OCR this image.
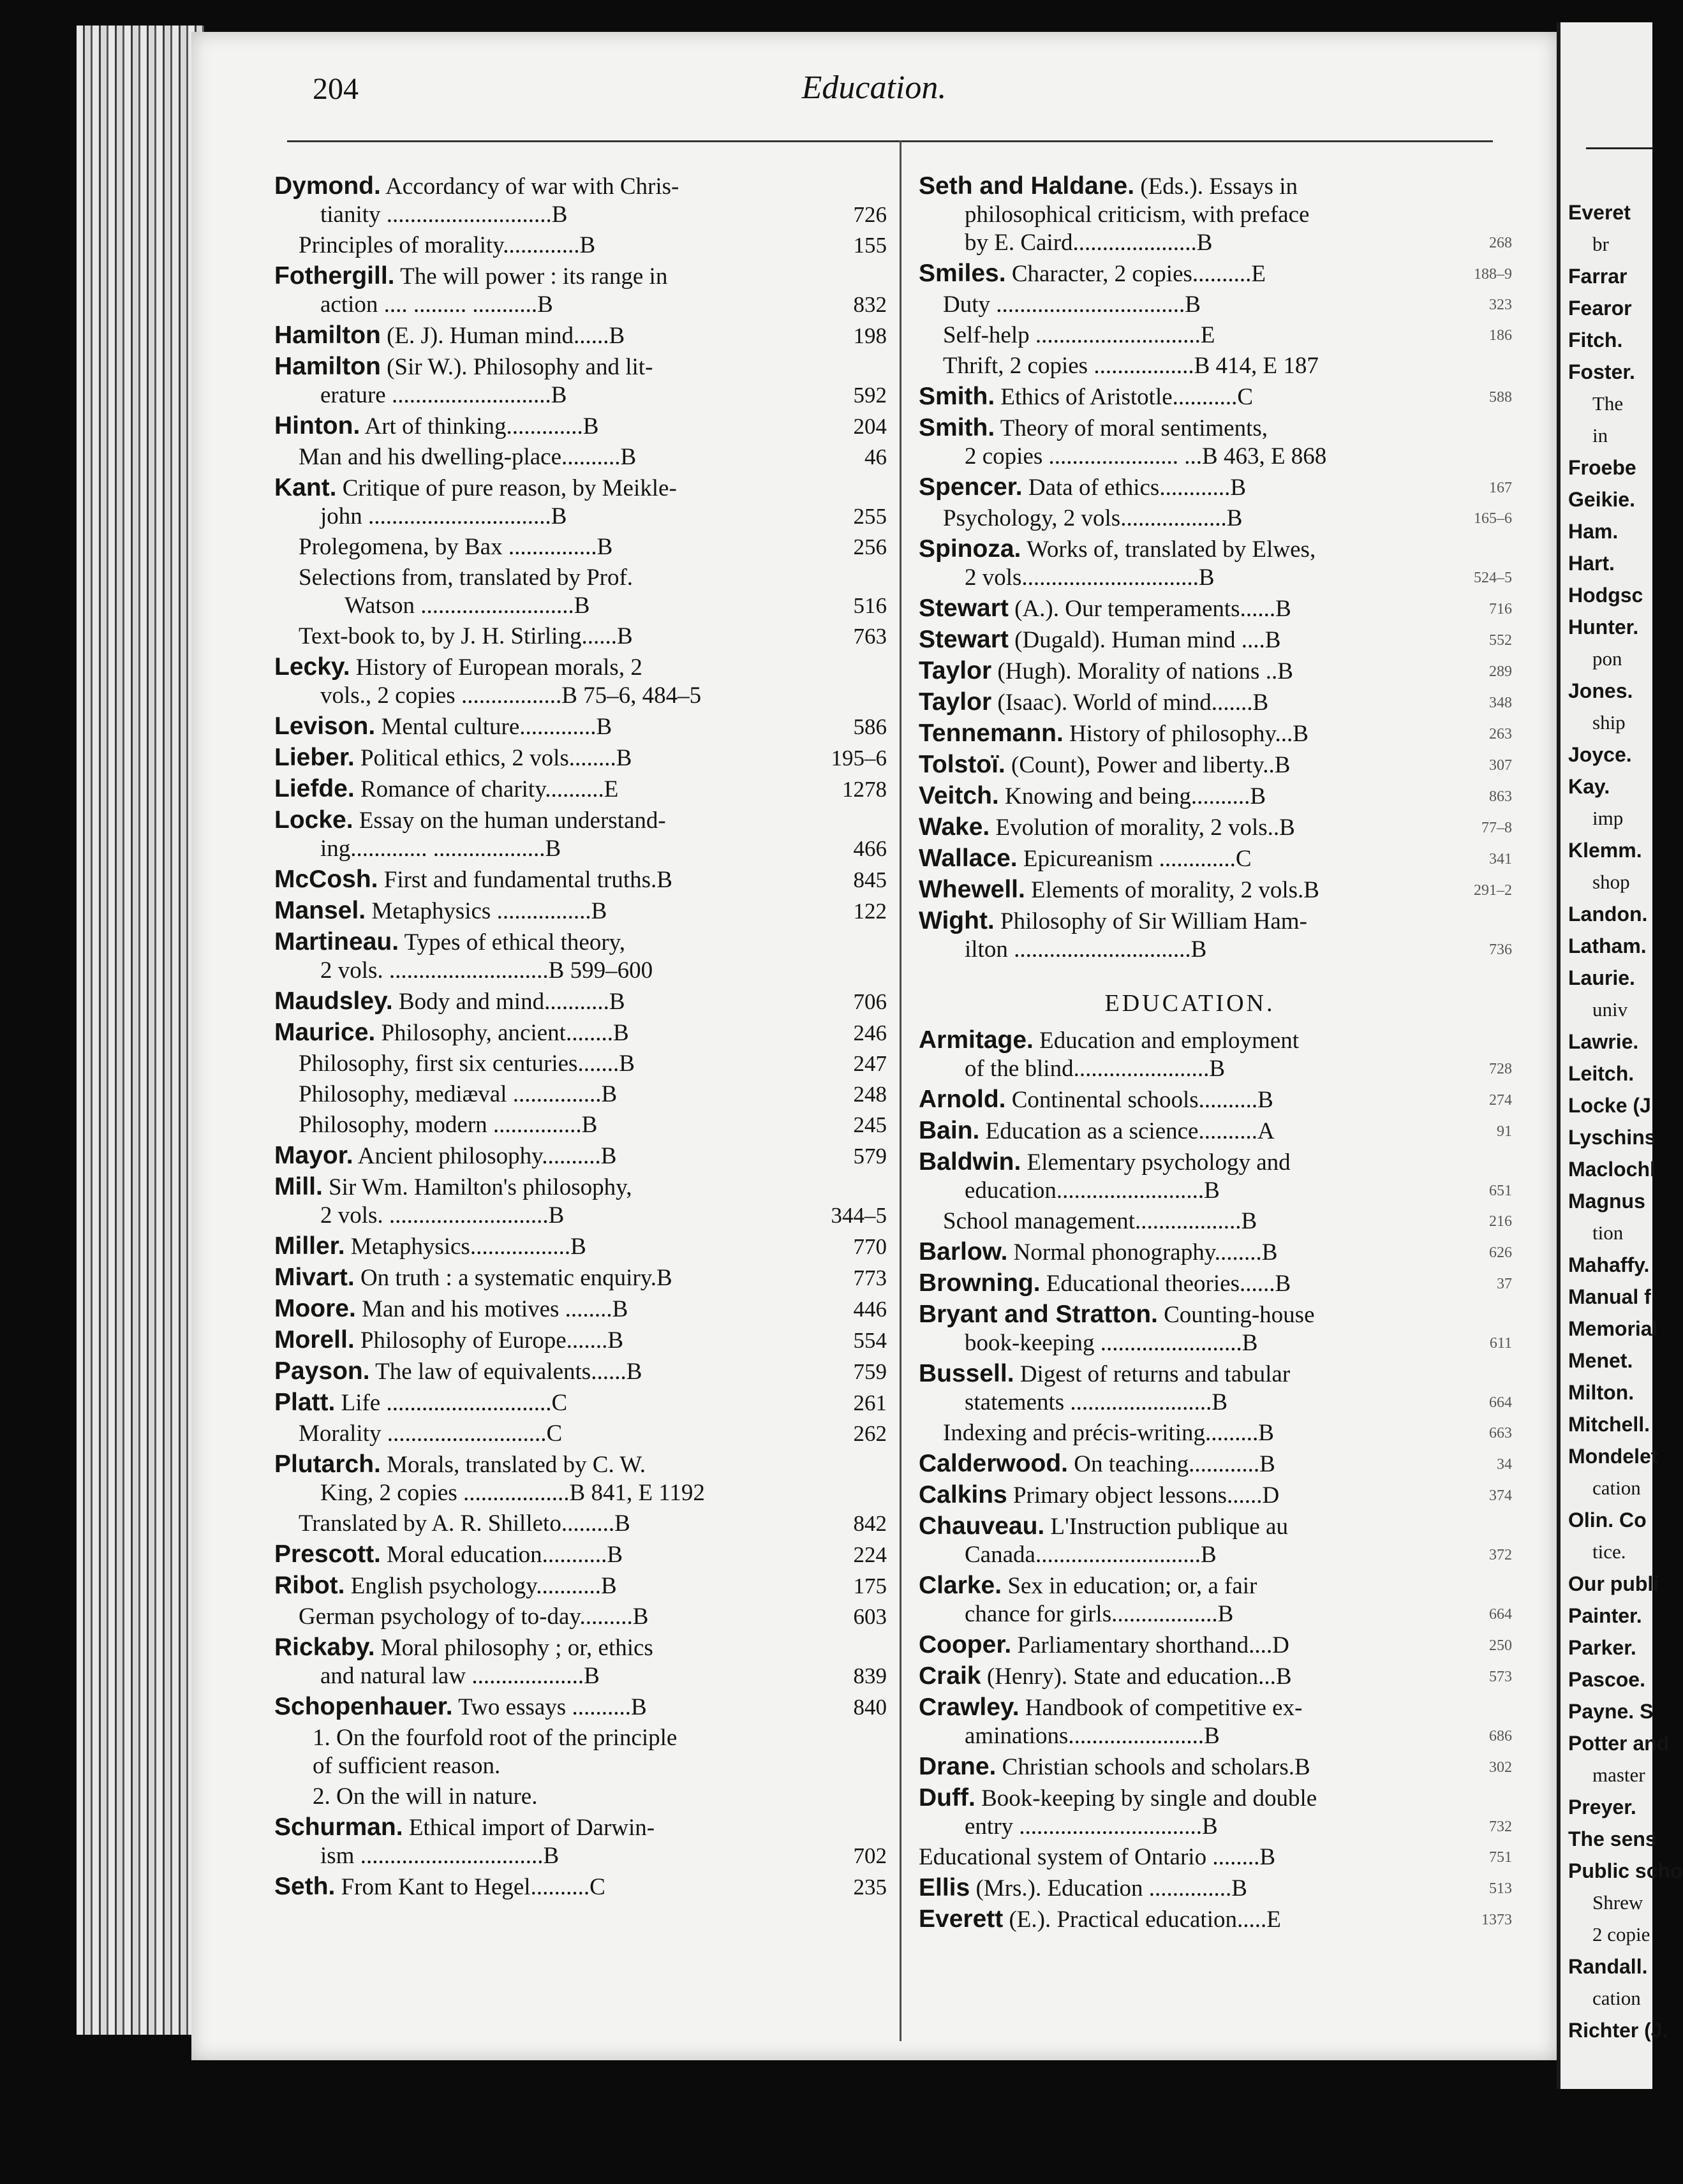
204	Education.
Dymond. Accordancy of war with Chris-
tianity ............................B	726
Principles of morality.............B	155
Fothergill. The will power : its range in
action .... ......... ...........B	832
Hamilton (E. J). Human mind......B	198
Hamilton (Sir W.). Philosophy and lit-
erature ...........................B	592
Hinton. Art of thinking.............B	204
Man and his dwelling-place..........B	46
Kant. Critique of pure reason, by Meikle-
john ...............................B	255
Prolegomena, by Bax ...............B	256
Selections from, translated by Prof.
Watson ..........................B	516
Text-book to, by J. H. Stirling......B	763
Lecky. History of European morals, 2
vols., 2 copies .................B 75–6, 484–5
Levison. Mental culture.............B	586
Lieber. Political ethics, 2 vols........B	195–6
Liefde. Romance of charity..........E	1278
Locke. Essay on the human understand-
ing............. ...................B	466
McCosh. First and fundamental truths.B	845
Mansel. Metaphysics ................B	122
Martineau. Types of ethical theory,
2 vols. ...........................B 599–600
Maudsley. Body and mind...........B	706
Maurice. Philosophy, ancient........B	246
Philosophy, first six centuries.......B	247
Philosophy, mediæval ...............B	248
Philosophy, modern ...............B	245
Mayor. Ancient philosophy..........B	579
Mill. Sir Wm. Hamilton's philosophy,
2 vols. ...........................B	344–5
Miller. Metaphysics.................B	770
Mivart. On truth : a systematic enquiry.B	773
Moore. Man and his motives ........B	446
Morell. Philosophy of Europe.......B	554
Payson. The law of equivalents......B	759
Platt. Life ............................C	261
Morality ...........................C	262
Plutarch. Morals, translated by C. W.
King, 2 copies ..................B 841, E 1192
Translated by A. R. Shilleto.........B	842
Prescott. Moral education...........B	224
Ribot. English psychology...........B	175
German psychology of to-day.........B	603
Rickaby. Moral philosophy ; or, ethics
and natural law ...................B	839
Schopenhauer. Two essays ..........B	840
1. On the fourfold root of the principle
of sufficient reason.
2. On the will in nature.
Schurman. Ethical import of Darwin-
ism ...............................B	702
Seth. From Kant to Hegel..........C	235
Seth and Haldane. (Eds.). Essays in
philosophical criticism, with preface
by E. Caird.....................B	268
Smiles. Character, 2 copies..........E	188–9
Duty ................................B	323
Self-help ............................E	186
Thrift, 2 copies .................B 414, E 187
Smith. Ethics of Aristotle...........C	588
Smith. Theory of moral sentiments,
2 copies ...................... ...B 463, E 868
Spencer. Data of ethics............B	167
Psychology, 2 vols..................B	165–6
Spinoza. Works of, translated by Elwes,
2 vols..............................B	524–5
Stewart (A.). Our temperaments......B	716
Stewart (Dugald). Human mind ....B	552
Taylor (Hugh). Morality of nations ..B	289
Taylor (Isaac). World of mind.......B	348
Tennemann. History of philosophy...B	263
Tolstoï. (Count), Power and liberty..B	307
Veitch. Knowing and being..........B	863
Wake. Evolution of morality, 2 vols..B	77–8
Wallace. Epicureanism .............C	341
Whewell. Elements of morality, 2 vols.B	291–2
Wight. Philosophy of Sir William Ham-
ilton ..............................B	736
EDUCATION.
Armitage. Education and employment
of the blind.......................B	728
Arnold. Continental schools..........B	274
Bain. Education as a science..........A	91
Baldwin. Elementary psychology and
education.........................B	651
School management..................B	216
Barlow. Normal phonography........B	626
Browning. Educational theories......B	37
Bryant and Stratton. Counting-house
book-keeping ........................B	611
Bussell. Digest of returns and tabular
statements ........................B	664
Indexing and précis-writing.........B	663
Calderwood. On teaching............B	34
Calkins Primary object lessons......D	374
Chauveau. L'Instruction publique au
Canada............................B	372
Clarke. Sex in education; or, a fair
chance for girls..................B	664
Cooper. Parliamentary shorthand....D	250
Craik (Henry). State and education...B	573
Crawley. Handbook of competitive ex-
aminations.......................B	686
Drane. Christian schools and scholars.B	302
Duff. Book-keeping by single and double
entry ...............................B	732
Educational system of Ontario ........B	751
Ellis (Mrs.). Education ..............B	513
Everett (E.). Practical education.....E	1373
Everet
br
Farrar
Fearor
Fitch.
Foster.
The
in
Froebe
Geikie.
Ham.
Hart.
Hodgsc
Hunter.
pon
Jones.
ship
Joyce.
Kay.
imp
Klemm.
shop
Landon.
Latham.
Laurie.
univ
Lawrie.
Leitch.
Locke (J
Lyschins
Maclochl
Magnus
tion
Mahaffy.
Manual f
Memorial
Menet.
Milton.
Mitchell.
Mondelet
cation
Olin. Co
tice.
Our publi
Painter.
Parker.
Pascoe.
Payne. S
Potter and
master
Preyer.
The sens
Public scho
Shrew
2 copie
Randall.
cation
Richter (J.
